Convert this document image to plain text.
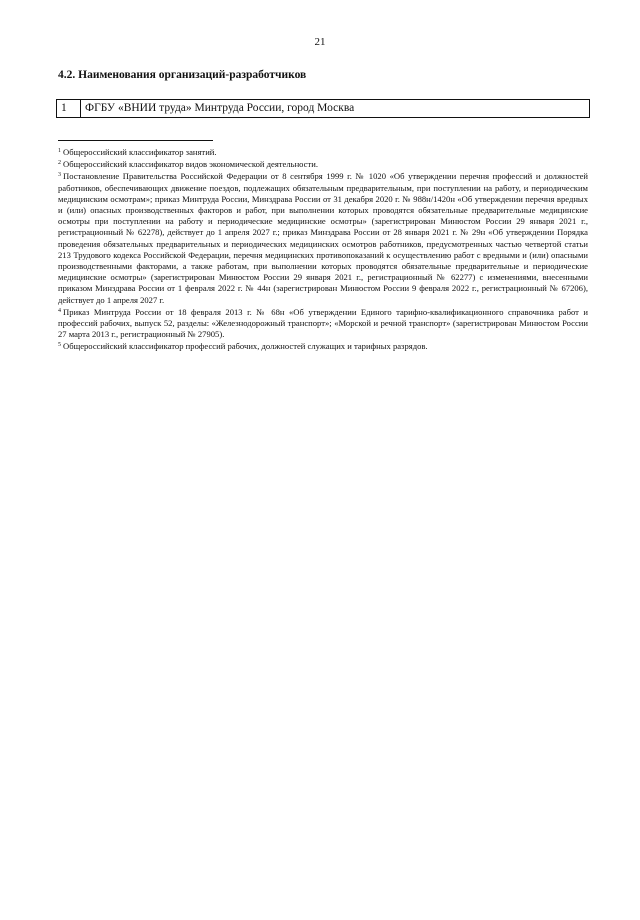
21
4.2. Наименования организаций-разработчиков
1	ФГБУ «ВНИИ труда» Минтруда России, город Москва

$^1$ Общероссийский классификатор занятий.

$^2$ Общероссийский классификатор видов экономической деятельности.

$^3$ Постановление Правительства Российской Федерации от 8 сентября 1999 г. № 1020 «Об утверждении перечня профессий и должностей работников, обеспечивающих движение поездов, подлежащих обязательным предварительным, при поступлении на работу, и периодическим медицинским осмотрам»; приказ Минтруда России, Минздрава России от 31 декабря 2020 г. № 988н/1420н «Об утверждении перечня вредных и (или) опасных производственных факторов и работ, при выполнении которых проводятся обязательные предварительные медицинские осмотры при поступлении на работу и периодические медицинские осмотры» (зарегистрирован Минюстом России 29 января 2021 г., регистрационный № 62278), действует до 1 апреля 2027 г.; приказ Минздрава России от 28 января 2021 г. № 29н «Об утверждении Порядка проведения обязательных предварительных и периодических медицинских осмотров работников, предусмотренных частью четвертой статьи 213 Трудового кодекса Российской Федерации, перечня медицинских противопоказаний к осуществлению работ с вредными и (или) опасными производственными факторами, а также работам, при выполнении которых проводятся обязательные предварительные и периодические медицинские осмотры» (зарегистрирован Минюстом России 29 января 2021 г., регистрационный № 62277) с изменениями, внесенными приказом Минздрава России от 1 февраля 2022 г. № 44н (зарегистрирован Минюстом России 9 февраля 2022 г., регистрационный № 67206), действует до 1 апреля 2027 г.

$^4$ Приказ Минтруда России от 18 февраля 2013 г. № 68н «Об утверждении Единого тарифно-квалификационного справочника работ и профессий рабочих, выпуск 52, разделы: «Железнодорожный транспорт»; «Морской и речной транспорт» (зарегистрирован Минюстом России 27 марта 2013 г., регистрационный № 27905).

$^5$ Общероссийский классификатор профессий рабочих, должностей служащих и тарифных разрядов.
